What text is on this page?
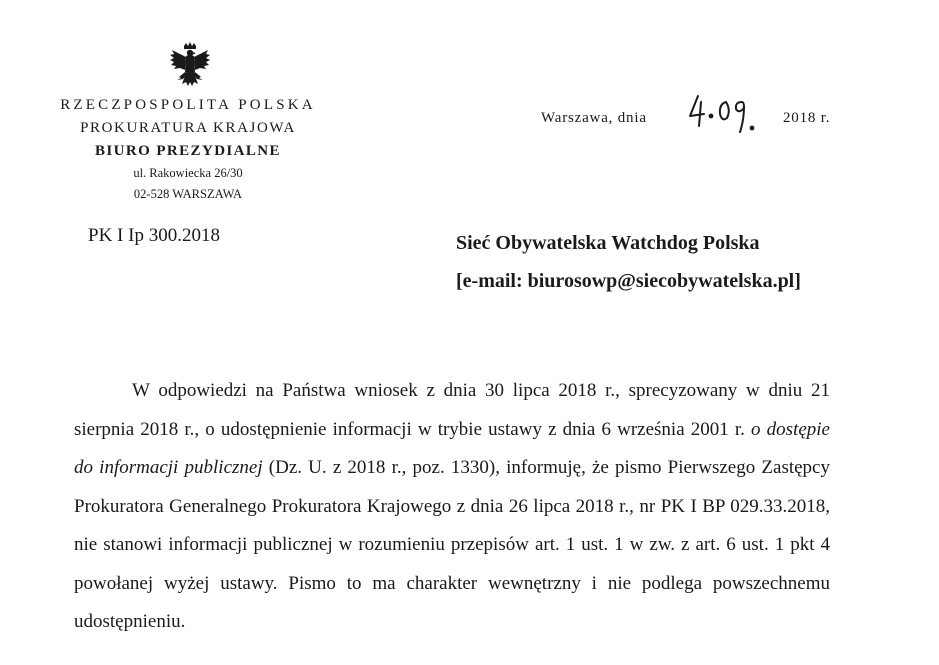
RZECZPOSPOLITA POLSKA
PROKURATURA KRAJOWA
BIURO PREZYDIALNE
ul. Rakowiecka 26/30
02-528 WARSZAWA
Warszawa, dnia	2018 r.
PK I Ip 300.2018	Sieć Obywatelska Watchdog Polska
[e-mail: biurosowp@siecobywatelska.pl]
W odpowiedzi na Państwa wniosek z dnia 30 lipca 2018 r., sprecyzowany w dniu 21 sierpnia 2018 r., o udostępnienie informacji w trybie ustawy z dnia 6 września 2001 r. o dostępie do informacji publicznej (Dz. U. z 2018 r., poz. 1330), informuję, że pismo Pierwszego Zastępcy Prokuratora Generalnego Prokuratora Krajowego z dnia 26 lipca 2018 r., nr PK I BP 029.33.2018, nie stanowi informacji publicznej w rozumieniu przepisów art. 1 ust. 1 w zw. z art. 6 ust. 1 pkt 4 powołanej wyżej ustawy. Pismo to ma charakter wewnętrzny i nie podlega powszechnemu udostępnieniu.
